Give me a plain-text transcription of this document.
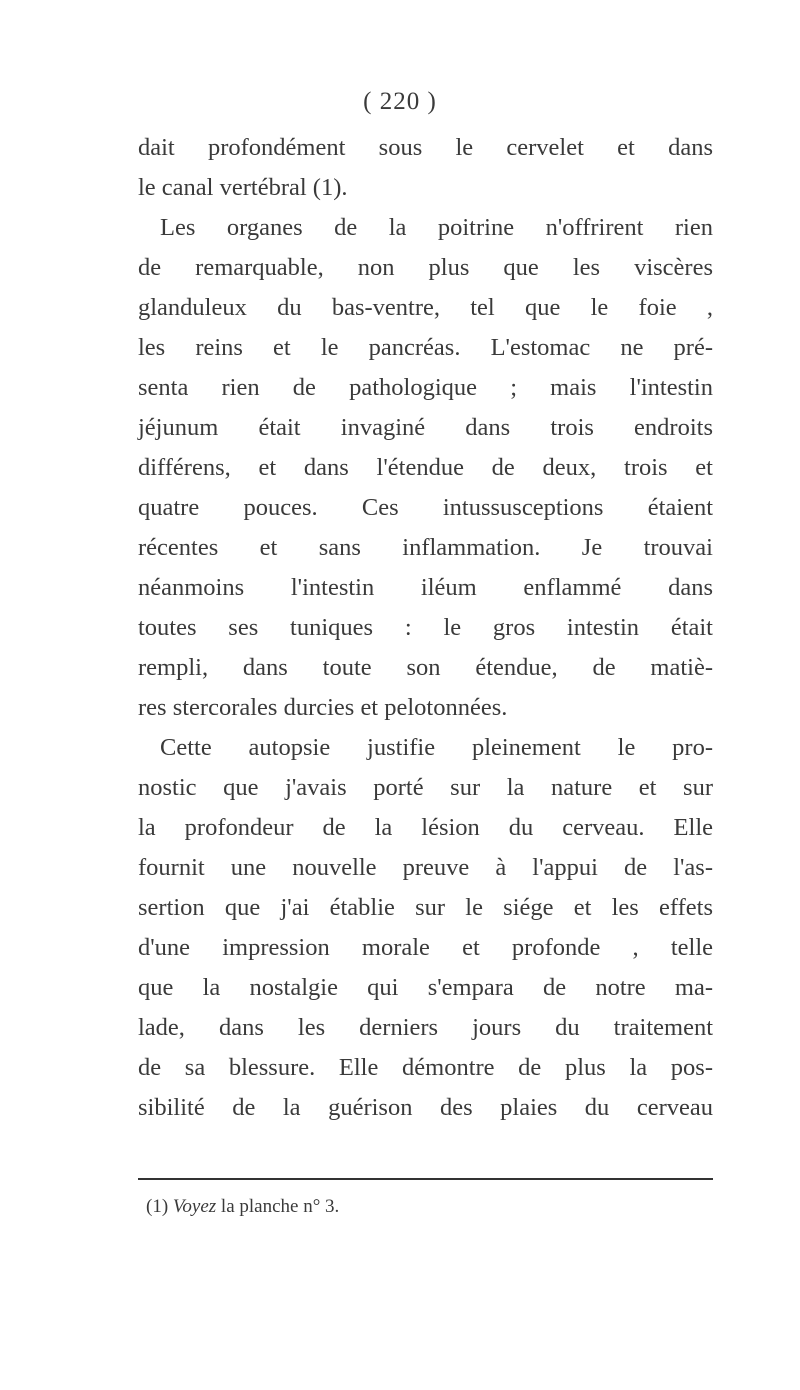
( 220 )
dait profondément sous le cervelet et dans
le canal vertébral (1).
Les organes de la poitrine n'offrirent rien
de remarquable, non plus que les viscères
glanduleux du bas-ventre, tel que le foie ,
les reins et le pancréas. L'estomac ne pré-
senta rien de pathologique ; mais l'intestin
jéjunum était invaginé dans trois endroits
différens, et dans l'étendue de deux, trois et
quatre pouces. Ces intussusceptions étaient
récentes et sans inflammation. Je trouvai
néanmoins l'intestin iléum enflammé dans
toutes ses tuniques : le gros intestin était
rempli, dans toute son étendue, de matiè-
res stercorales durcies et pelotonnées.
Cette autopsie justifie pleinement le pro-
nostic que j'avais porté sur la nature et sur
la profondeur de la lésion du cerveau. Elle
fournit une nouvelle preuve à l'appui de l'as-
sertion que j'ai établie sur le siége et les effets
d'une impression morale et profonde , telle
que la nostalgie qui s'empara de notre ma-
lade, dans les derniers jours du traitement
de sa blessure. Elle démontre de plus la pos-
sibilité de la guérison des plaies du cerveau
(1) Voyez la planche n° 3.
